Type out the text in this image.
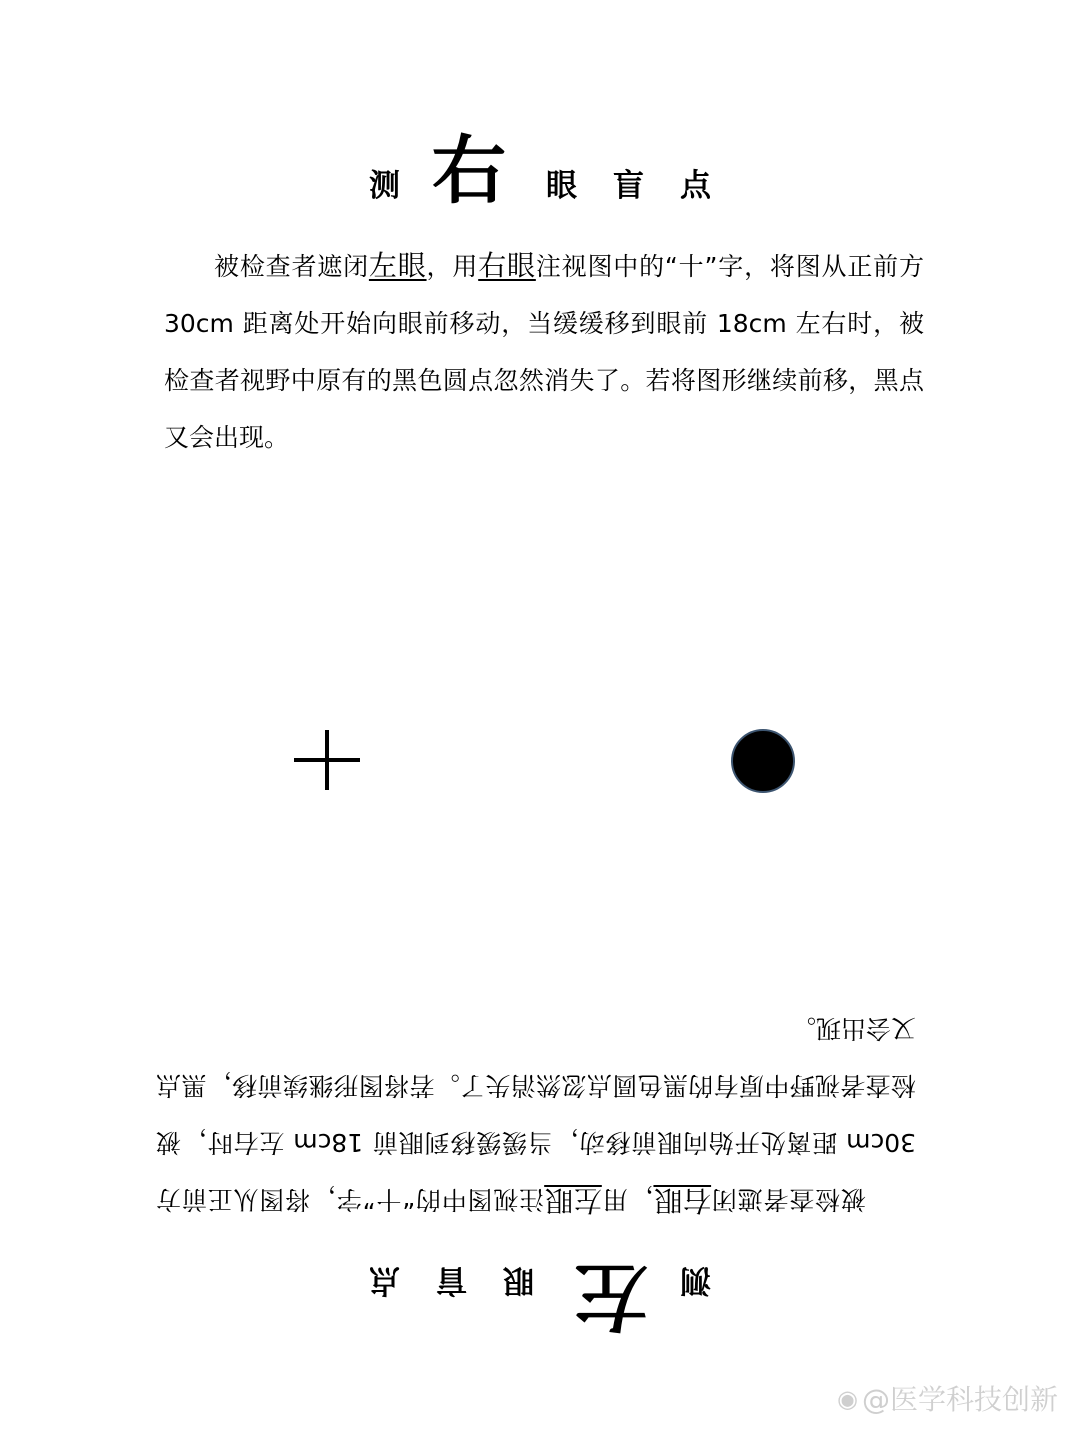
测 右 眼 盲 点

被检查者遮闭左眼，用右眼注视图中的“十”字，将图从正前方 30cm 距离处开始向眼前移动，当缓缓移到眼前 18cm 左右时，被检查者视野中原有的黑色圆点忽然消失了。若将图形继续前移，黑点又会出现。

测左眼盲点

被检查者遮闭右眼，用左眼注视图中的“十”字，将图从正前方 30cm 距离处开始向眼前移动，当缓缓移到眼前 18cm 左右时，被检查者视野中原有的黑色圆点忽然消失了。若将图形继续前移，黑点又会出现。

◉ @医学科技创新
